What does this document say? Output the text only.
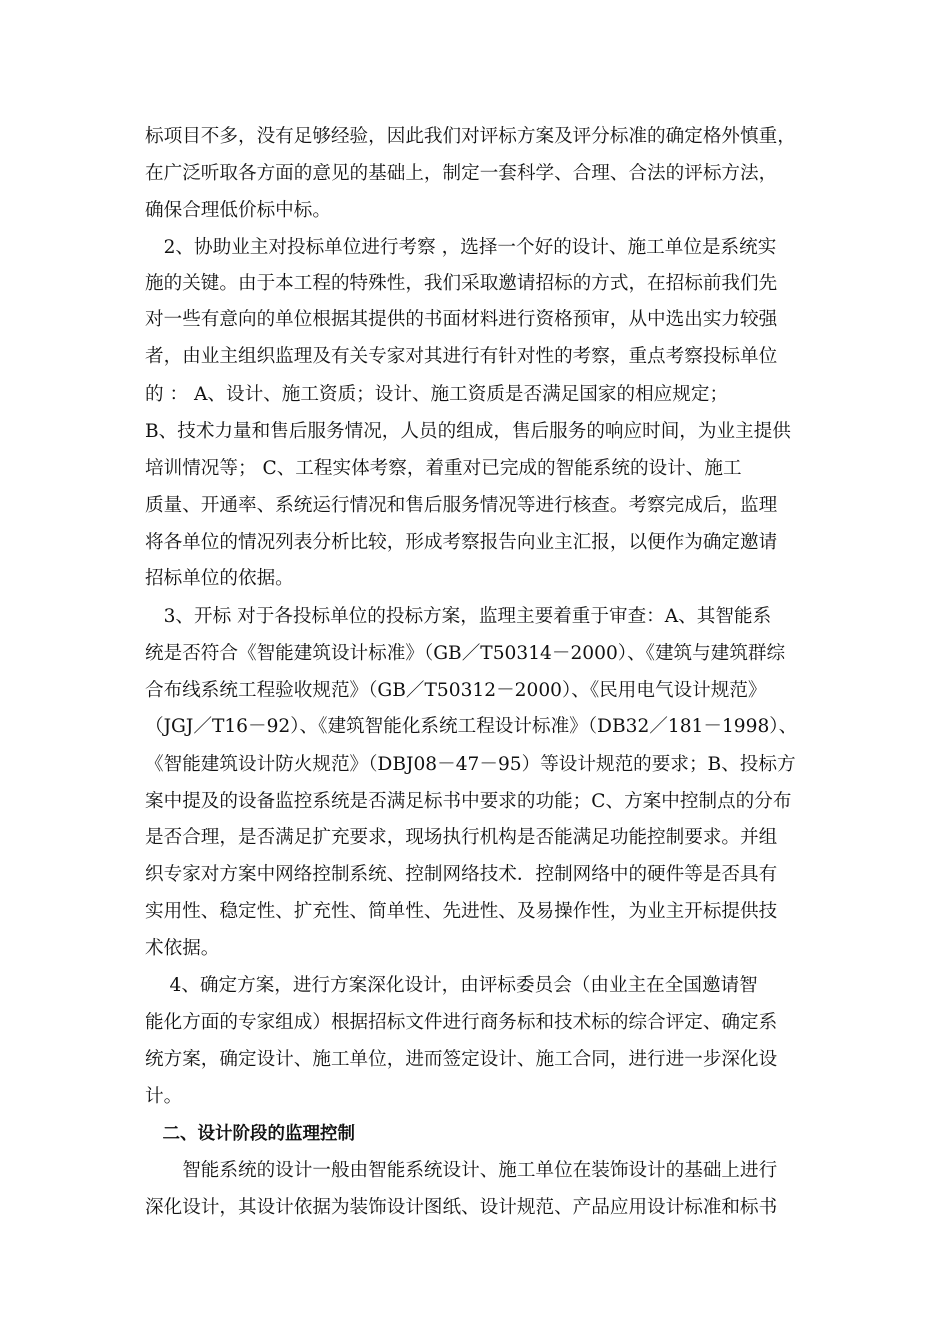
标项目不多，没有足够经验，因此我们对评标方案及评分标准的确定格外慎重，
在广泛听取各方面的意见的基础上，制定一套科学、合理、合法的评标方法，
确保合理低价标中标。
　2、协助业主对投标单位进行考察 ，选择一个好的设计、施工单位是系统实
施的关键。由于本工程的特殊性，我们采取邀请招标的方式，在招标前我们先
对一些有意向的单位根据其提供的书面材料进行资格预审，从中选出实力较强
者，由业主组织监理及有关专家对其进行有针对性的考察，重点考察投标单位
的 ： A、设计、施工资质；设计、施工资质是否满足国家的相应规定；
B、技术力量和售后服务情况，人员的组成，售后服务的响应时间，为业主提供
培训情况等； C、工程实体考察，着重对已完成的智能系统的设计、施工
质量、开通率、系统运行情况和售后服务情况等进行核查。考察完成后，监理
将各单位的情况列表分析比较，形成考察报告向业主汇报，以便作为确定邀请
招标单位的依据。
　3、开标 对于各投标单位的投标方案，监理主要着重于审查：A、其智能系
统是否符合《智能建筑设计标准》（GB／T50314－2000）、《建筑与建筑群综
合布线系统工程验收规范》（GB／T50312－2000）、《民用电气设计规范》
（JGJ／T16－92）、《建筑智能化系统工程设计标准》（DB32／181－1998）、
《智能建筑设计防火规范》（DBJ08－47－95）等设计规范的要求；B、投标方
案中提及的设备监控系统是否满足标书中要求的功能；C、方案中控制点的分布
是否合理，是否满足扩充要求，现场执行机构是否能满足功能控制要求。并组
织专家对方案中网络控制系统、控制网络技术．控制网络中的硬件等是否具有
实用性、稳定性、扩充性、简单性、先进性、及易操作性，为业主开标提供技
术依据。
　 4、确定方案，进行方案深化设计，由评标委员会（由业主在全国邀请智
能化方面的专家组成）根据招标文件进行商务标和技术标的综合评定、确定系
统方案，确定设计、施工单位，进而签定设计、施工合同，进行进一步深化设
计。
　二、设计阶段的监理控制
　　智能系统的设计一般由智能系统设计、施工单位在装饰设计的基础上进行
深化设计，其设计依据为装饰设计图纸、设计规范、产品应用设计标准和标书
